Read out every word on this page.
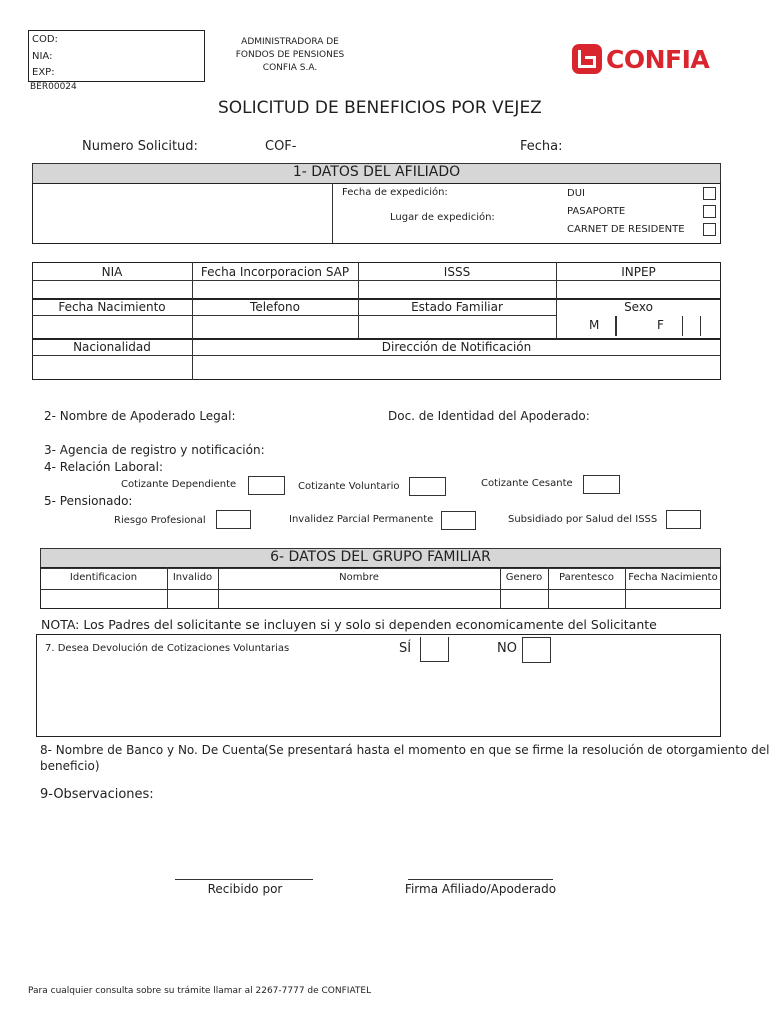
COD:
NIA:
EXP:
BER00024
ADMINISTRADORA DE
FONDOS DE PENSIONES
CONFIA S.A.	CONFIA
SOLICITUD DE BENEFICIOS POR VEJEZ
Numero Solicitud:	COF-	Fecha:
1- DATOS DEL AFILIADO
Fecha de expedición:
Lugar de expedición:
DUI
PASAPORTE
CARNET DE RESIDENTE
NIA	Fecha Incorporacion SAP	ISSS	INPEP
Fecha Nacimiento	Telefono	Estado Familiar	Sexo
M	F
Nacionalidad	Dirección de Notificación
2- Nombre de Apoderado Legal:	Doc. de Identidad del Apoderado:
3- Agencia de registro y notificación:
4- Relación Laboral:
Cotizante Dependiente	Cotizante Voluntario	Cotizante Cesante
5- Pensionado:
Riesgo Profesional	Invalidez Parcial Permanente	Subsidiado por Salud del ISSS
6- DATOS DEL GRUPO FAMILIAR
Identificacion	Invalido	Nombre	Genero	Parentesco	Fecha Nacimiento
NOTA: Los Padres del solicitante se incluyen si y solo si dependen economicamente del Solicitante
7. Desea Devolución de Cotizaciones Voluntarias	SÍ	NO
8- Nombre de Banco y No. De Cuenta
(Se presentará hasta el momento en que se firme la resolución de otorgamiento del
beneficio)
9-Observaciones:
Recibido por	Firma Afiliado/Apoderado
Para cualquier consulta sobre su trámite llamar al 2267-7777 de CONFIATEL
